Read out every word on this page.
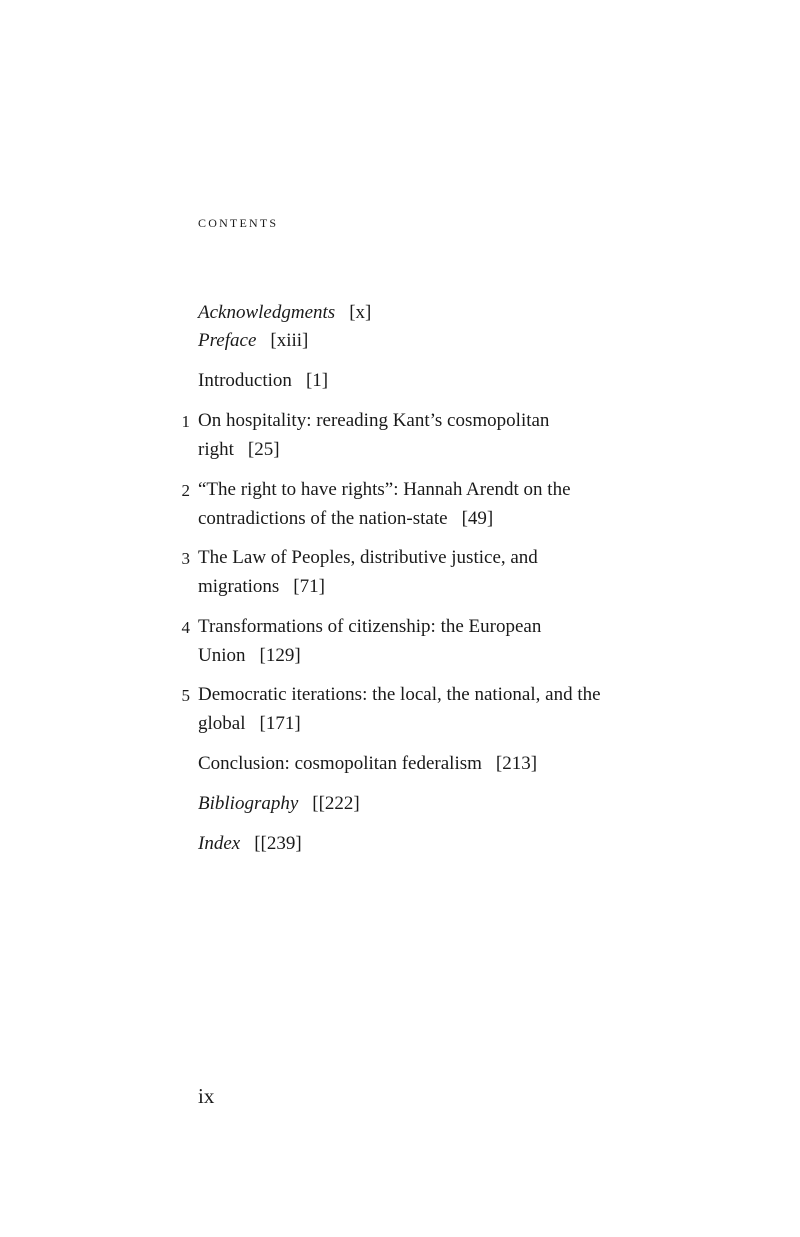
contents
Acknowledgments [x]
Preface [xiii]
Introduction [1]
1 On hospitality: rereading Kant’s cosmopolitan right [25]
2 “The right to have rights”: Hannah Arendt on the contradictions of the nation-state [49]
3 The Law of Peoples, distributive justice, and migrations [71]
4 Transformations of citizenship: the European Union [129]
5 Democratic iterations: the local, the national, and the global [171]
Conclusion: cosmopolitan federalism [213]
Bibliography [[222]
Index [[239]
ix
